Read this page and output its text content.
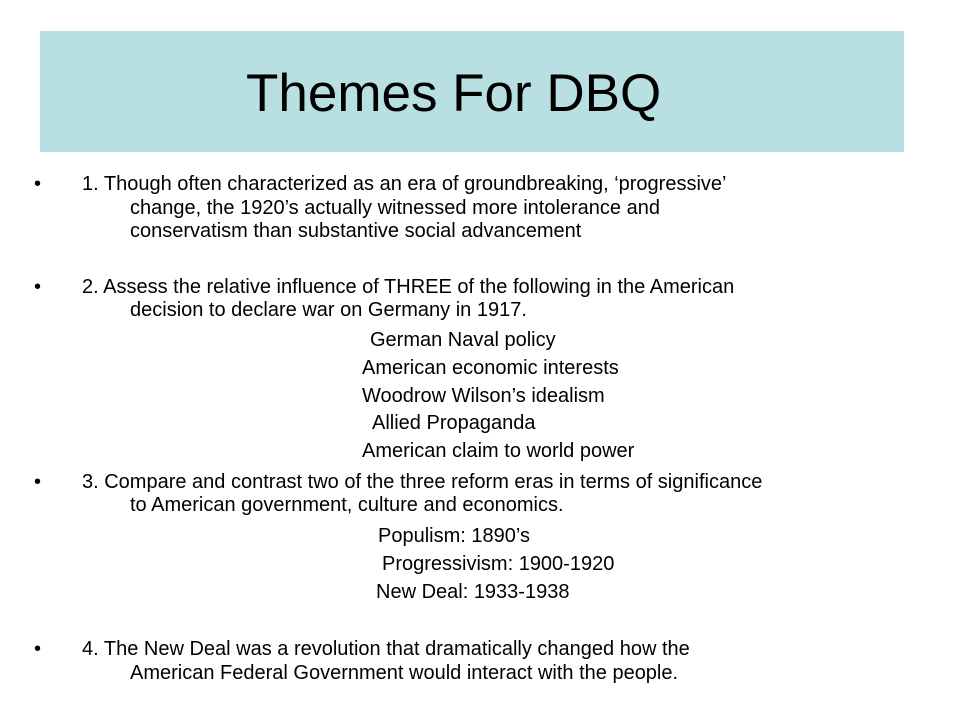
Themes For DBQ
• 1. Though often characterized as an era of groundbreaking, ‘progressive’
change, the 1920’s actually witnessed more intolerance and
conservatism than substantive social advancement
• 2. Assess the relative influence of THREE of the following in the American
decision to declare war on Germany in 1917.
German Naval policy
American economic interests
Woodrow Wilson’s idealism
Allied Propaganda
American claim to world power
• 3. Compare and contrast two of the three reform eras in terms of significance
to American government, culture and economics.
Populism: 1890’s
Progressivism: 1900-1920
New Deal: 1933-1938
• 4. The New Deal was a revolution that dramatically changed how the
American Federal Government would interact with the people.
